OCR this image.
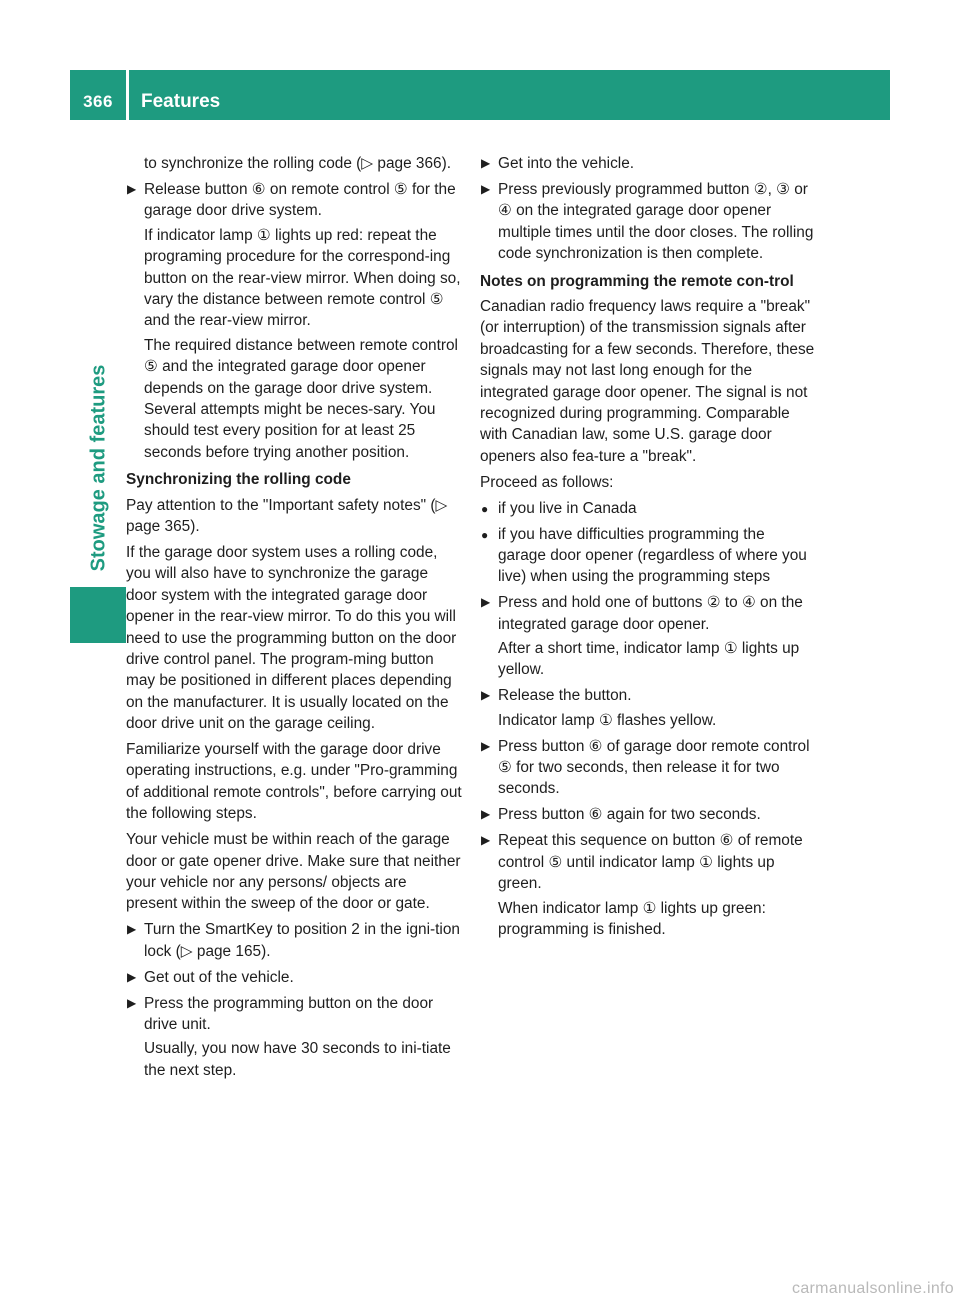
366	Features
Stowage and features
to synchronize the rolling code (▷ page 366).
▶ Release button ⑥ on remote control ⑤ for the garage door drive system.
If indicator lamp ① lights up red: repeat the programing procedure for the correspond-ing button on the rear-view mirror. When doing so, vary the distance between remote control ⑤ and the rear-view mirror.
The required distance between remote control ⑤ and the integrated garage door opener depends on the garage door drive system. Several attempts might be neces-sary. You should test every position for at least 25 seconds before trying another position.
Synchronizing the rolling code
Pay attention to the "Important safety notes" (▷ page 365).
If the garage door system uses a rolling code, you will also have to synchronize the garage door system with the integrated garage door opener in the rear-view mirror. To do this you will need to use the programming button on the door drive control panel. The program-ming button may be positioned in different places depending on the manufacturer. It is usually located on the door drive unit on the garage ceiling.
Familiarize yourself with the garage door drive operating instructions, e.g. under "Pro-gramming of additional remote controls", before carrying out the following steps.
Your vehicle must be within reach of the garage door or gate opener drive. Make sure that neither your vehicle nor any persons/ objects are present within the sweep of the door or gate.
▶ Turn the SmartKey to position 2 in the igni-tion lock (▷ page 165).
▶ Get out of the vehicle.
▶ Press the programming button on the door drive unit.
Usually, you now have 30 seconds to ini-tiate the next step.
▶ Get into the vehicle.
▶ Press previously programmed button ②, ③ or ④ on the integrated garage door opener multiple times until the door closes. The rolling code synchronization is then complete.
Notes on programming the remote con-trol
Canadian radio frequency laws require a "break" (or interruption) of the transmission signals after broadcasting for a few seconds. Therefore, these signals may not last long enough for the integrated garage door opener. The signal is not recognized during programming. Comparable with Canadian law, some U.S. garage door openers also fea-ture a "break".
Proceed as follows:
● if you live in Canada
● if you have difficulties programming the garage door opener (regardless of where you live) when using the programming steps
▶ Press and hold one of buttons ② to ④ on the integrated garage door opener.
After a short time, indicator lamp ① lights up yellow.
▶ Release the button.
Indicator lamp ① flashes yellow.
▶ Press button ⑥ of garage door remote control ⑤ for two seconds, then release it for two seconds.
▶ Press button ⑥ again for two seconds.
▶ Repeat this sequence on button ⑥ of remote control ⑤ until indicator lamp ① lights up green.
When indicator lamp ① lights up green: programming is finished.
carmanualsonline.info
